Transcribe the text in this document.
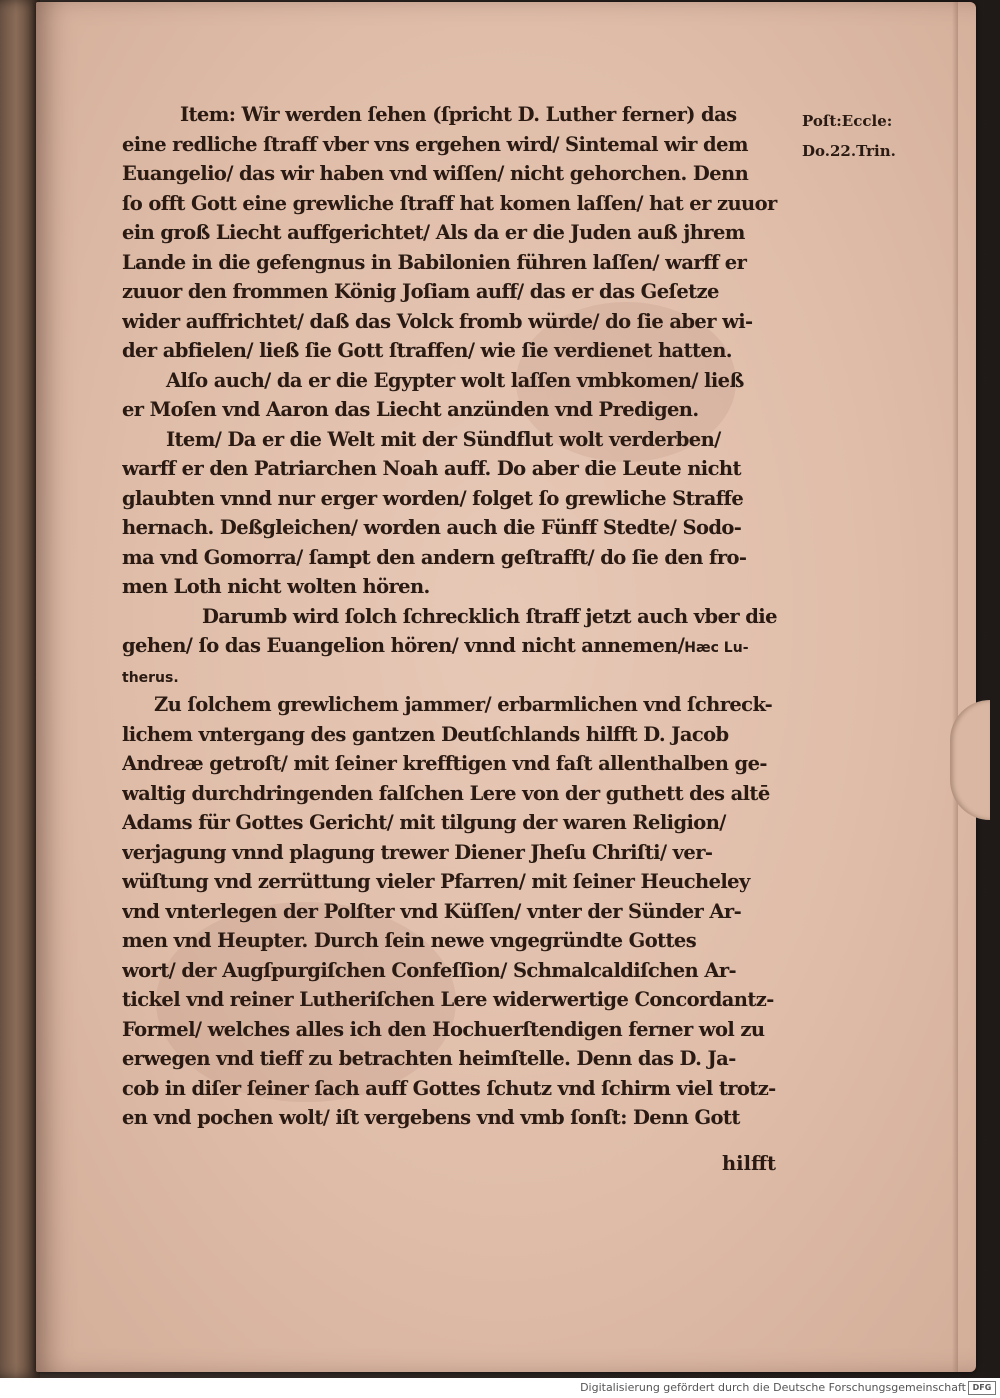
Poſt:Eccle:
Do.22.Trin.
Item: Wir werden ſehen (ſpricht D. Luther ferner) das
eine redliche ſtraff vber vns ergehen wird/ Sintemal wir dem
Euangelio/ das wir haben vnd wiſſen/ nicht gehorchen. Denn
ſo offt Gott eine grewliche ſtraff hat komen laſſen/ hat er zuuor
ein groß Liecht auffgerichtet/ Als da er die Juden auß jhrem
Lande in die gefengnus in Babilonien führen laſſen/ warff er
zuuor den frommen König Joſiam auff/ das er das Geſetze
wider auffrichtet/ daß das Volck fromb würde/ do ſie aber wi-
der abfielen/ ließ ſie Gott ſtraffen/ wie ſie verdienet hatten.
Alſo auch/ da er die Egypter wolt laſſen vmbkomen/ ließ
er Moſen vnd Aaron das Liecht anzünden vnd Predigen.
Item/ Da er die Welt mit der Sündflut wolt verderben/
warff er den Patriarchen Noah auff. Do aber die Leute nicht
glaubten vnnd nur erger worden/ folget ſo grewliche Straffe
hernach. Deßgleichen/ worden auch die Fünff Stedte/ Sodo-
ma vnd Gomorra/ ſampt den andern geſtrafft/ do ſie den fro-
men Loth nicht wolten hören.
Darumb wird ſolch ſchrecklich ſtraff jetzt auch vber die
gehen/ ſo das Euangelion hören/ vnnd nicht annemen/Hæc Lu-
therus.
Zu ſolchem grewlichem jammer/ erbarmlichen vnd ſchreck-
lichem vntergang des gantzen Deutſchlands hilfft D. Jacob
Andreæ getroſt/ mit ſeiner krefftigen vnd faſt allenthalben ge-
waltig durchdringenden falſchen Lere von der guthett des altē
Adams für Gottes Gericht/ mit tilgung der waren Religion/
verjagung vnnd plagung trewer Diener Jheſu Chriſti/ ver-
wüſtung vnd zerrüttung vieler Pfarren/ mit ſeiner Heucheley
vnd vnterlegen der Polſter vnd Küſſen/ vnter der Sünder Ar-
men vnd Heupter. Durch ſein newe vngegründte Gottes
wort/ der Augſpurgiſchen Confeſſion/ Schmalcaldiſchen Ar-
tickel vnd reiner Lutheriſchen Lere widerwertige Concordantz-
Formel/ welches alles ich den Hochuerſtendigen ferner wol zu
erwegen vnd tieff zu betrachten heimſtelle. Denn das D. Ja-
cob in diſer ſeiner ſach auff Gottes ſchutz vnd ſchirm viel trotz-
en vnd pochen wolt/ iſt vergebens vnd vmb ſonſt: Denn Gott
hilfft
Digitalisierung gefördert durch die Deutsche Forschungsgemeinschaft DFG
